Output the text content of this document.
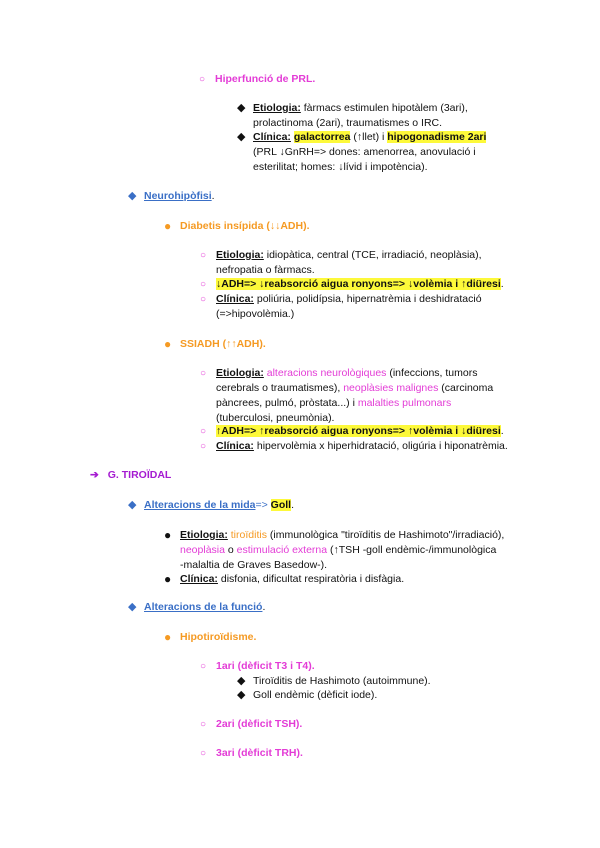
○ Hiperfunció de PRL.
◆ Etiologia: fàrmacs estimulen hipotàlem (3ari),
prolactinoma (2ari), traumatismes o IRC.
◆ Clínica: galactorrea (↑llet) i hipogonadisme 2ari
(PRL ↓GnRH=> dones: amenorrea, anovulació i
esterilitat; homes: ↓lívid i impotència).
◆ Neurohipòfisi.
● Diabetis insípida (↓↓ADH).
○ Etiologia: idiopàtica, central (TCE, irradiació, neoplàsia),
nefropatia o fàrmacs.
○ ↓ADH=> ↓reabsorció aigua ronyons=> ↓volèmia i ↑diüresi.
○ Clínica: poliúria, polidípsia, hipernatrèmia i deshidratació
(=>hipovolèmia.)
● SSIADH (↑↑ADH).
○ Etiologia: alteracions neurològiques (infeccions, tumors
cerebrals o traumatismes), neoplàsies malignes (carcinoma
pàncrees, pulmó, pròstata...) i malalties pulmonars
(tuberculosi, pneumònia).
○ ↑ADH=> ↑reabsorció aigua ronyons=> ↑volèmia i ↓diüresi.
○ Clínica: hipervolèmia x hiperhidratació, oligúria i hiponatrèmia.
➔ G. TIROÏDAL
◆ Alteracions de la mida=> Goll.
● Etiologia: tiroïditis (immunològica "tiroïditis de Hashimoto"/irradiació),
neoplàsia o estimulació externa (↑TSH -goll endèmic-/immunològica
-malaltia de Graves Basedow-).
● Clínica: disfonia, dificultat respiratòria i disfàgia.
◆ Alteracions de la funció.
● Hipotiroïdisme.
○ 1ari (dèficit T3 i T4).
◆ Tiroïditis de Hashimoto (autoimmune).
◆ Goll endèmic (dèficit iode).
○ 2ari (dèficit TSH).
○ 3ari (dèficit TRH).
